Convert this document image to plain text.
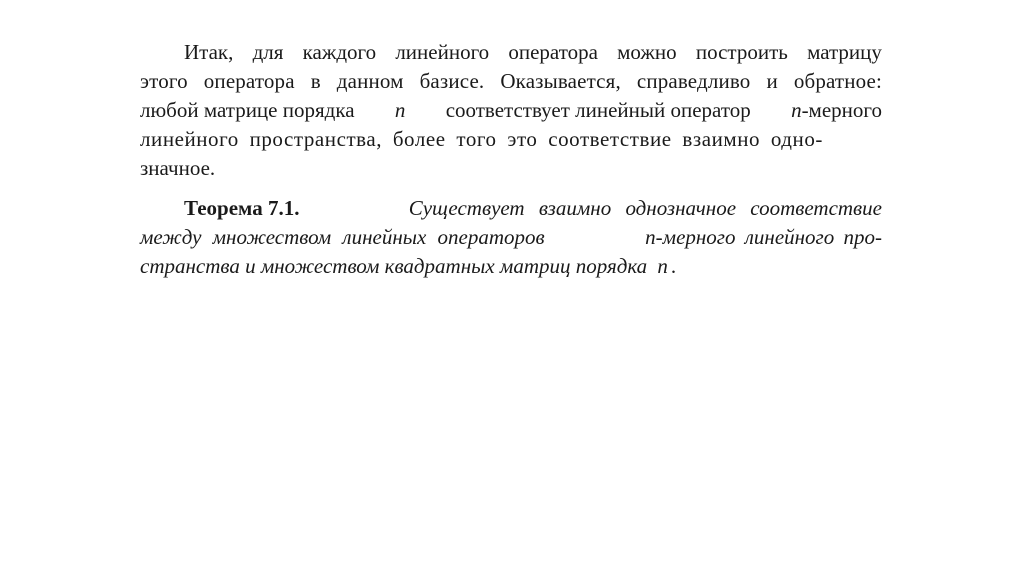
Итак, для каждого линейного оператора можно построить матрицу
этого оператора в данном базисе. Оказывается, справедливо и обратное:
любой матрице порядка n соответствует линейный оператор n-мерного
линейного пространства, более того это соответствие взаимно одно-
значное.
Теорема 7.1.	Существует взаимно однозначное соответствие
между множеством линейных операторов	n-мерного линейного про-
странства и множеством квадратных матриц порядка n .
